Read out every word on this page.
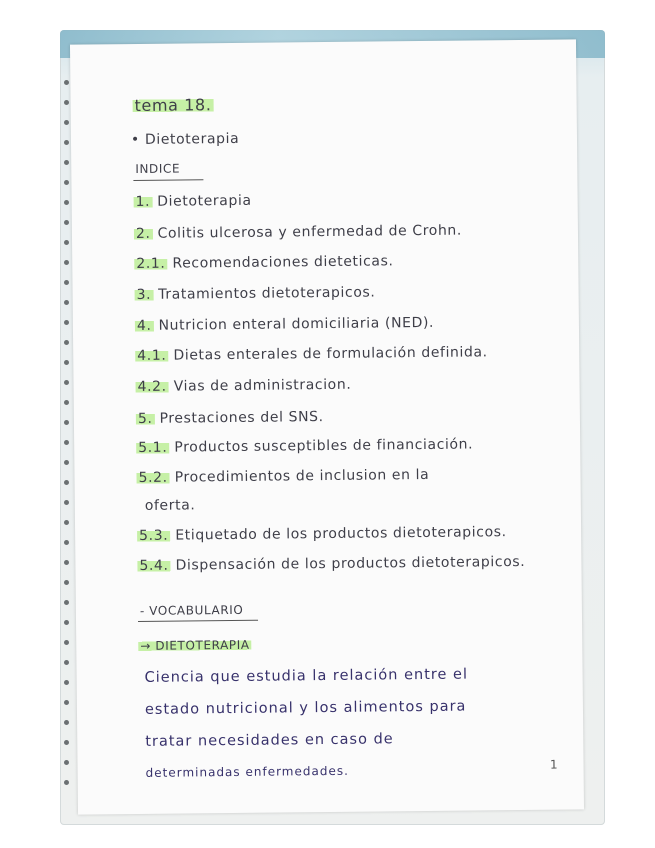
tema 18.
• Dietoterapia
INDICE
1. Dietoterapia
2. Colitis ulcerosa y enfermedad de Crohn.
2.1. Recomendaciones dieteticas.
3. Tratamientos dietoterapicos.
4. Nutricion enteral domiciliaria (NED).
4.1. Dietas enterales de formulación definida.
4.2. Vias de administracion.
5. Prestaciones del SNS.
5.1. Productos susceptibles de financiación.
5.2. Procedimientos de inclusion en la
oferta.
5.3. Etiquetado de los productos dietoterapicos.
5.4. Dispensación de los productos dietoterapicos.
- VOCABULARIO
→ DIETOTERAPIA
Ciencia que estudia la relación entre el
estado nutricional y los alimentos para
tratar necesidades en caso de
determinadas enfermedades.	1
